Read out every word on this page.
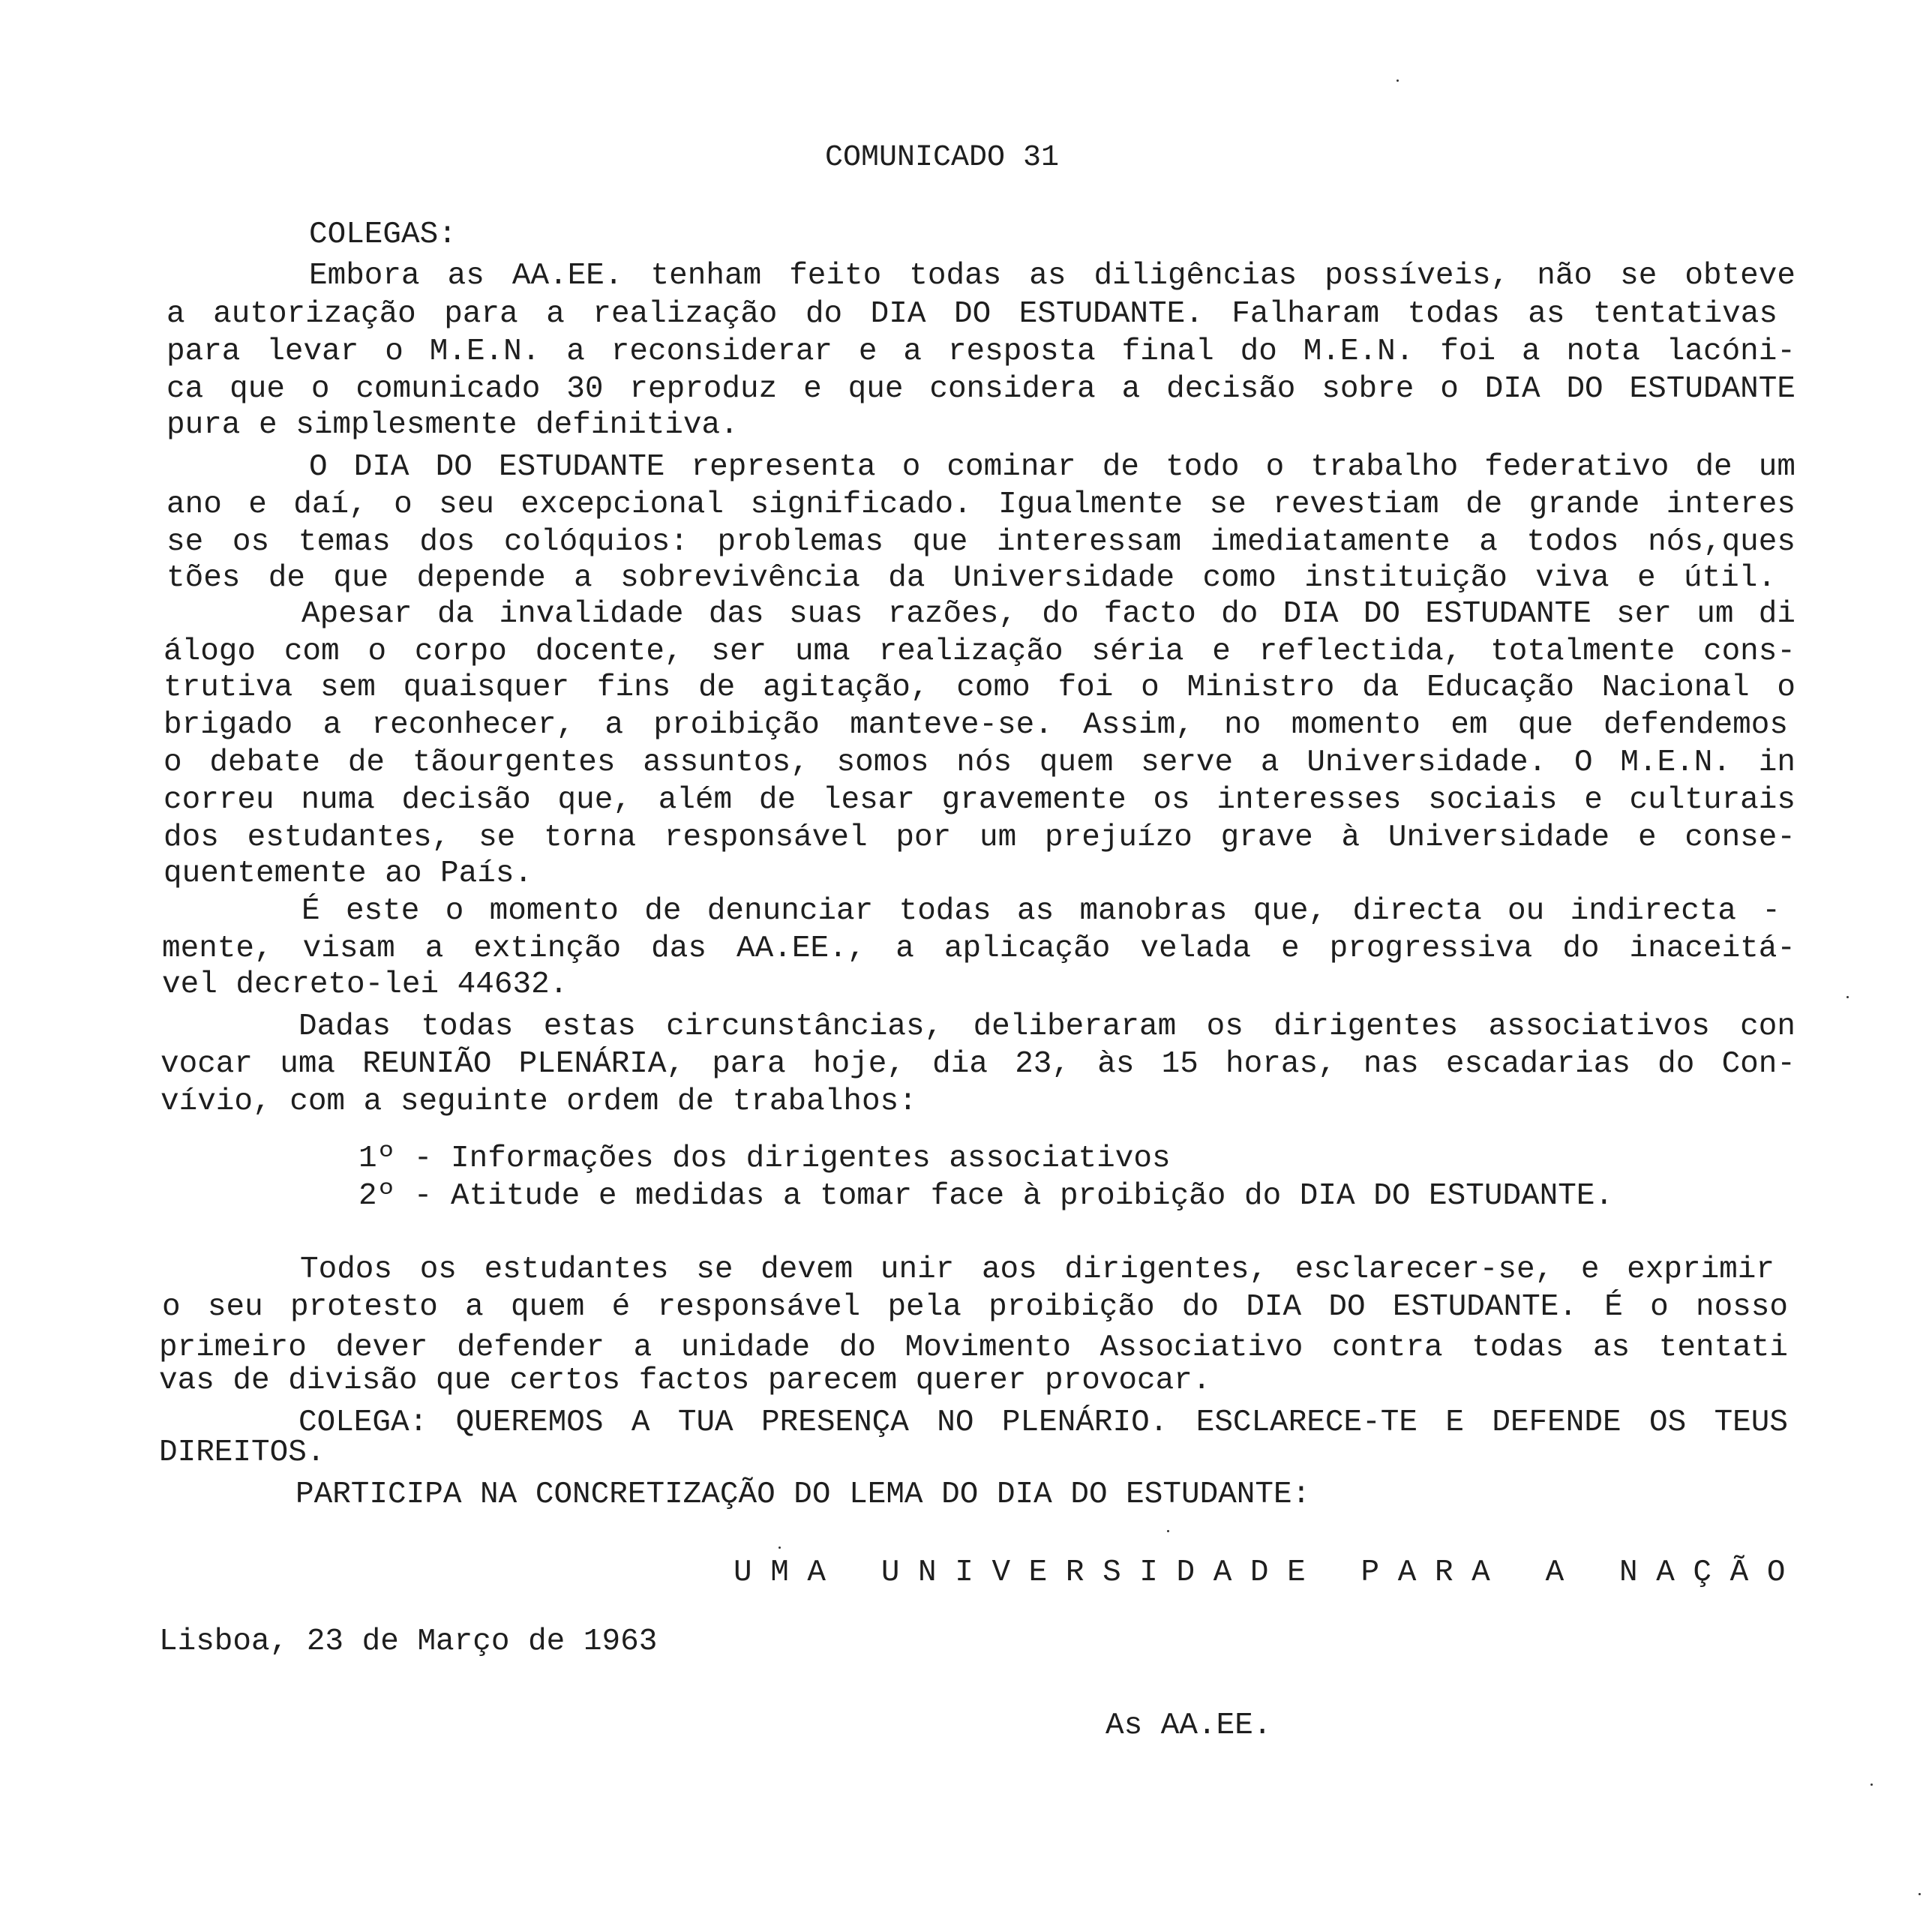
COMUNICADO 31
COLEGAS:
Embora as AA.EE. tenham feito todas as diligências possíveis, não se obteve
a autorização para a realização do DIA DO ESTUDANTE. Falharam todas as tentativas
para levar o M.E.N. a reconsiderar e a resposta final do M.E.N. foi a nota lacóni-
ca que o comunicado 30 reproduz e que considera a decisão sobre o DIA DO ESTUDANTE
pura e simplesmente definitiva.
O DIA DO ESTUDANTE representa o cominar de todo o trabalho federativo de um
ano e daí, o seu excepcional significado. Igualmente se revestiam de grande interes
se os temas dos colóquios: problemas que interessam imediatamente a todos nós,ques
tões de que depende a sobrevivência da Universidade como instituição viva e útil.
Apesar da invalidade das suas razões, do facto do DIA DO ESTUDANTE ser um di
álogo com o corpo docente, ser uma realização séria e reflectida, totalmente cons-
trutiva sem quaisquer fins de agitação, como foi o Ministro da Educação Nacional o
brigado a reconhecer, a proibição manteve-se. Assim, no momento em que defendemos
o debate de tãourgentes assuntos, somos nós quem serve a Universidade. O M.E.N. in
correu numa decisão que, além de lesar gravemente os interesses sociais e culturais
dos estudantes, se torna responsável por um prejuízo grave à Universidade e conse-
quentemente ao País.
É este o momento de denunciar todas as manobras que, directa ou indirecta -
mente, visam a extinção das AA.EE., a aplicação velada e progressiva do inaceitá-
vel decreto-lei 44632.
Dadas todas estas circunstâncias, deliberaram os dirigentes associativos con
vocar uma REUNIÃO PLENÁRIA, para hoje, dia 23, às 15 horas, nas escadarias do Con-
vívio, com a seguinte ordem de trabalhos:
1º - Informações dos dirigentes associativos
2º - Atitude e medidas a tomar face à proibição do DIA DO ESTUDANTE.
Todos os estudantes se devem unir aos dirigentes, esclarecer-se, e exprimir
o seu protesto a quem é responsável pela proibição do DIA DO ESTUDANTE. É o nosso
primeiro dever defender a unidade do Movimento Associativo contra todas as tentati
vas de divisão que certos factos parecem querer provocar.
COLEGA: QUEREMOS A TUA PRESENÇA NO PLENÁRIO. ESCLARECE-TE E DEFENDE OS TEUS
DIREITOS.
PARTICIPA NA CONCRETIZAÇÃO DO LEMA DO DIA DO ESTUDANTE:
U M A   U N I V E R S I D A D E   P A R A   A   N A Ç Ã O
Lisboa, 23 de Março de 1963
As AA.EE.
